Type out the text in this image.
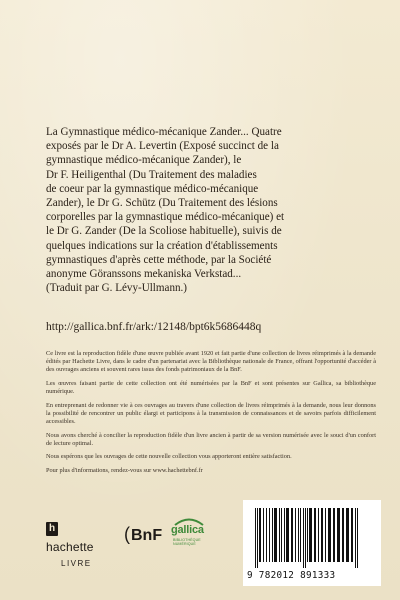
La Gymnastique médico-mécanique Zander... Quatre
exposés par le Dr A. Levertin (Exposé succinct de la
gymnastique médico-mécanique Zander), le
Dr F. Heiligenthal (Du Traitement des maladies
de coeur par la gymnastique médico-mécanique
Zander), le Dr G. Schütz (Du Traitement des lésions
corporelles par la gymnastique médico-mécanique) et
le Dr G. Zander (De la Scoliose habituelle), suivis de
quelques indications sur la création d'établissements
gymnastiques d'après cette méthode, par la Société
anonyme Göranssons mekaniska Verkstad...
(Traduit par G. Lévy-Ullmann.)
http://gallica.bnf.fr/ark:/12148/bpt6k5686448q

Ce livre est la reproduction fidèle d'une œuvre publiée avant 1920 et fait partie d'une collection de livres réimprimés à la demande édités par Hachette Livre, dans le cadre d'un partenariat avec la Bibliothèque nationale de France, offrant l'opportunité d'accéder à des ouvrages anciens et souvent rares issus des fonds patrimoniaux de la BnF.

Les œuvres faisant partie de cette collection ont été numérisées par la BnF et sont présentes sur Gallica, sa bibliothèque numérique.

En entreprenant de redonner vie à ces ouvrages au travers d'une collection de livres réimprimés à la demande, nous leur donnons la possibilité de rencontrer un public élargi et participons à la transmission de connaissances et de savoirs parfois difficilement accessibles.

Nous avons cherché à concilier la reproduction fidèle d'un livre ancien à partir de sa version numérisée avec le souci d'un confort de lecture optimal.

Nous espérons que les ouvrages de cette nouvelle collection vous apporteront entière satisfaction.

Pour plus d'informations, rendez-vous sur www.hachettebnf.fr

$h^{hachette}$
LIVRE
(BnF gallica
BIBLIOTHÈQUE NUMÉRIQUE
9 782012 891333
